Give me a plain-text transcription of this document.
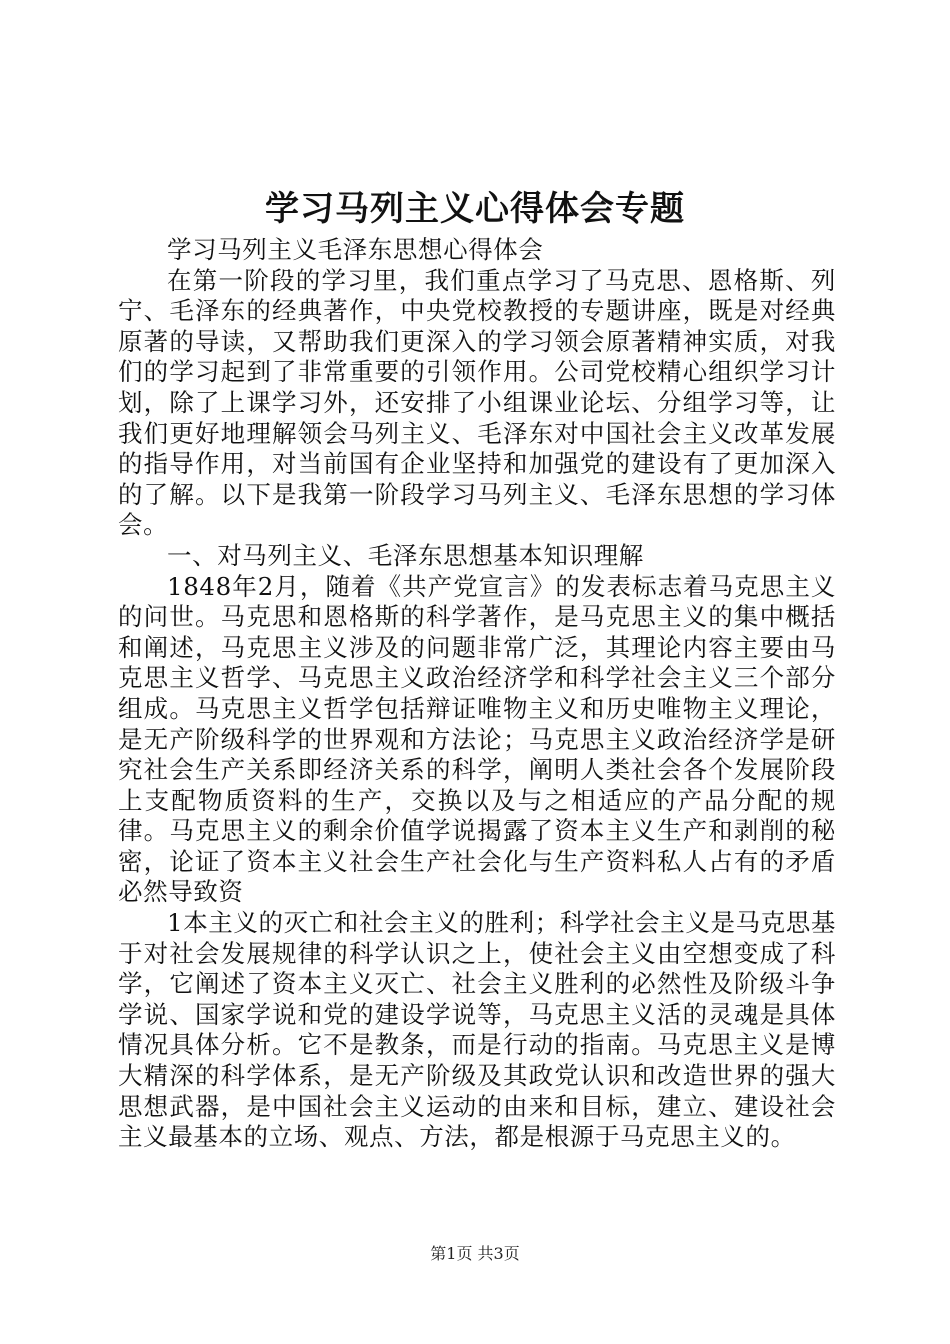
学习马列主义心得体会专题

学习马列主义毛泽东思想心得体会

在第一阶段的学习里，我们重点学习了马克思、恩格斯、列宁、毛泽东的经典著作，中央党校教授的专题讲座，既是对经典原著的导读，又帮助我们更深入的学习领会原著精神实质，对我们的学习起到了非常重要的引领作用。公司党校精心组织学习计划，除了上课学习外，还安排了小组课业论坛、分组学习等，让我们更好地理解领会马列主义、毛泽东对中国社会主义改革发展的指导作用，对当前国有企业坚持和加强党的建设有了更加深入的了解。以下是我第一阶段学习马列主义、毛泽东思想的学习体会。

一、对马列主义、毛泽东思想基本知识理解

1848年2月，随着《共产党宣言》的发表标志着马克思主义的问世。马克思和恩格斯的科学著作，是马克思主义的集中概括和阐述，马克思主义涉及的问题非常广泛，其理论内容主要由马克思主义哲学、马克思主义政治经济学和科学社会主义三个部分组成。马克思主义哲学包括辩证唯物主义和历史唯物主义理论，是无产阶级科学的世界观和方法论；马克思主义政治经济学是研究社会生产关系即经济关系的科学，阐明人类社会各个发展阶段上支配物质资料的生产，交换以及与之相适应的产品分配的规律。马克思主义的剩余价值学说揭露了资本主义生产和剥削的秘密，论证了资本主义社会生产社会化与生产资料私人占有的矛盾必然导致资

1本主义的灭亡和社会主义的胜利；科学社会主义是马克思基于对社会发展规律的科学认识之上，使社会主义由空想变成了科学，它阐述了资本主义灭亡、社会主义胜利的必然性及阶级斗争学说、国家学说和党的建设学说等，马克思主义活的灵魂是具体情况具体分析。它不是教条，而是行动的指南。马克思主义是博大精深的科学体系，是无产阶级及其政党认识和改造世界的强大思想武器，是中国社会主义运动的由来和目标，建立、建设社会主义最基本的立场、观点、方法，都是根源于马克思主义的。

第1页 共3页
